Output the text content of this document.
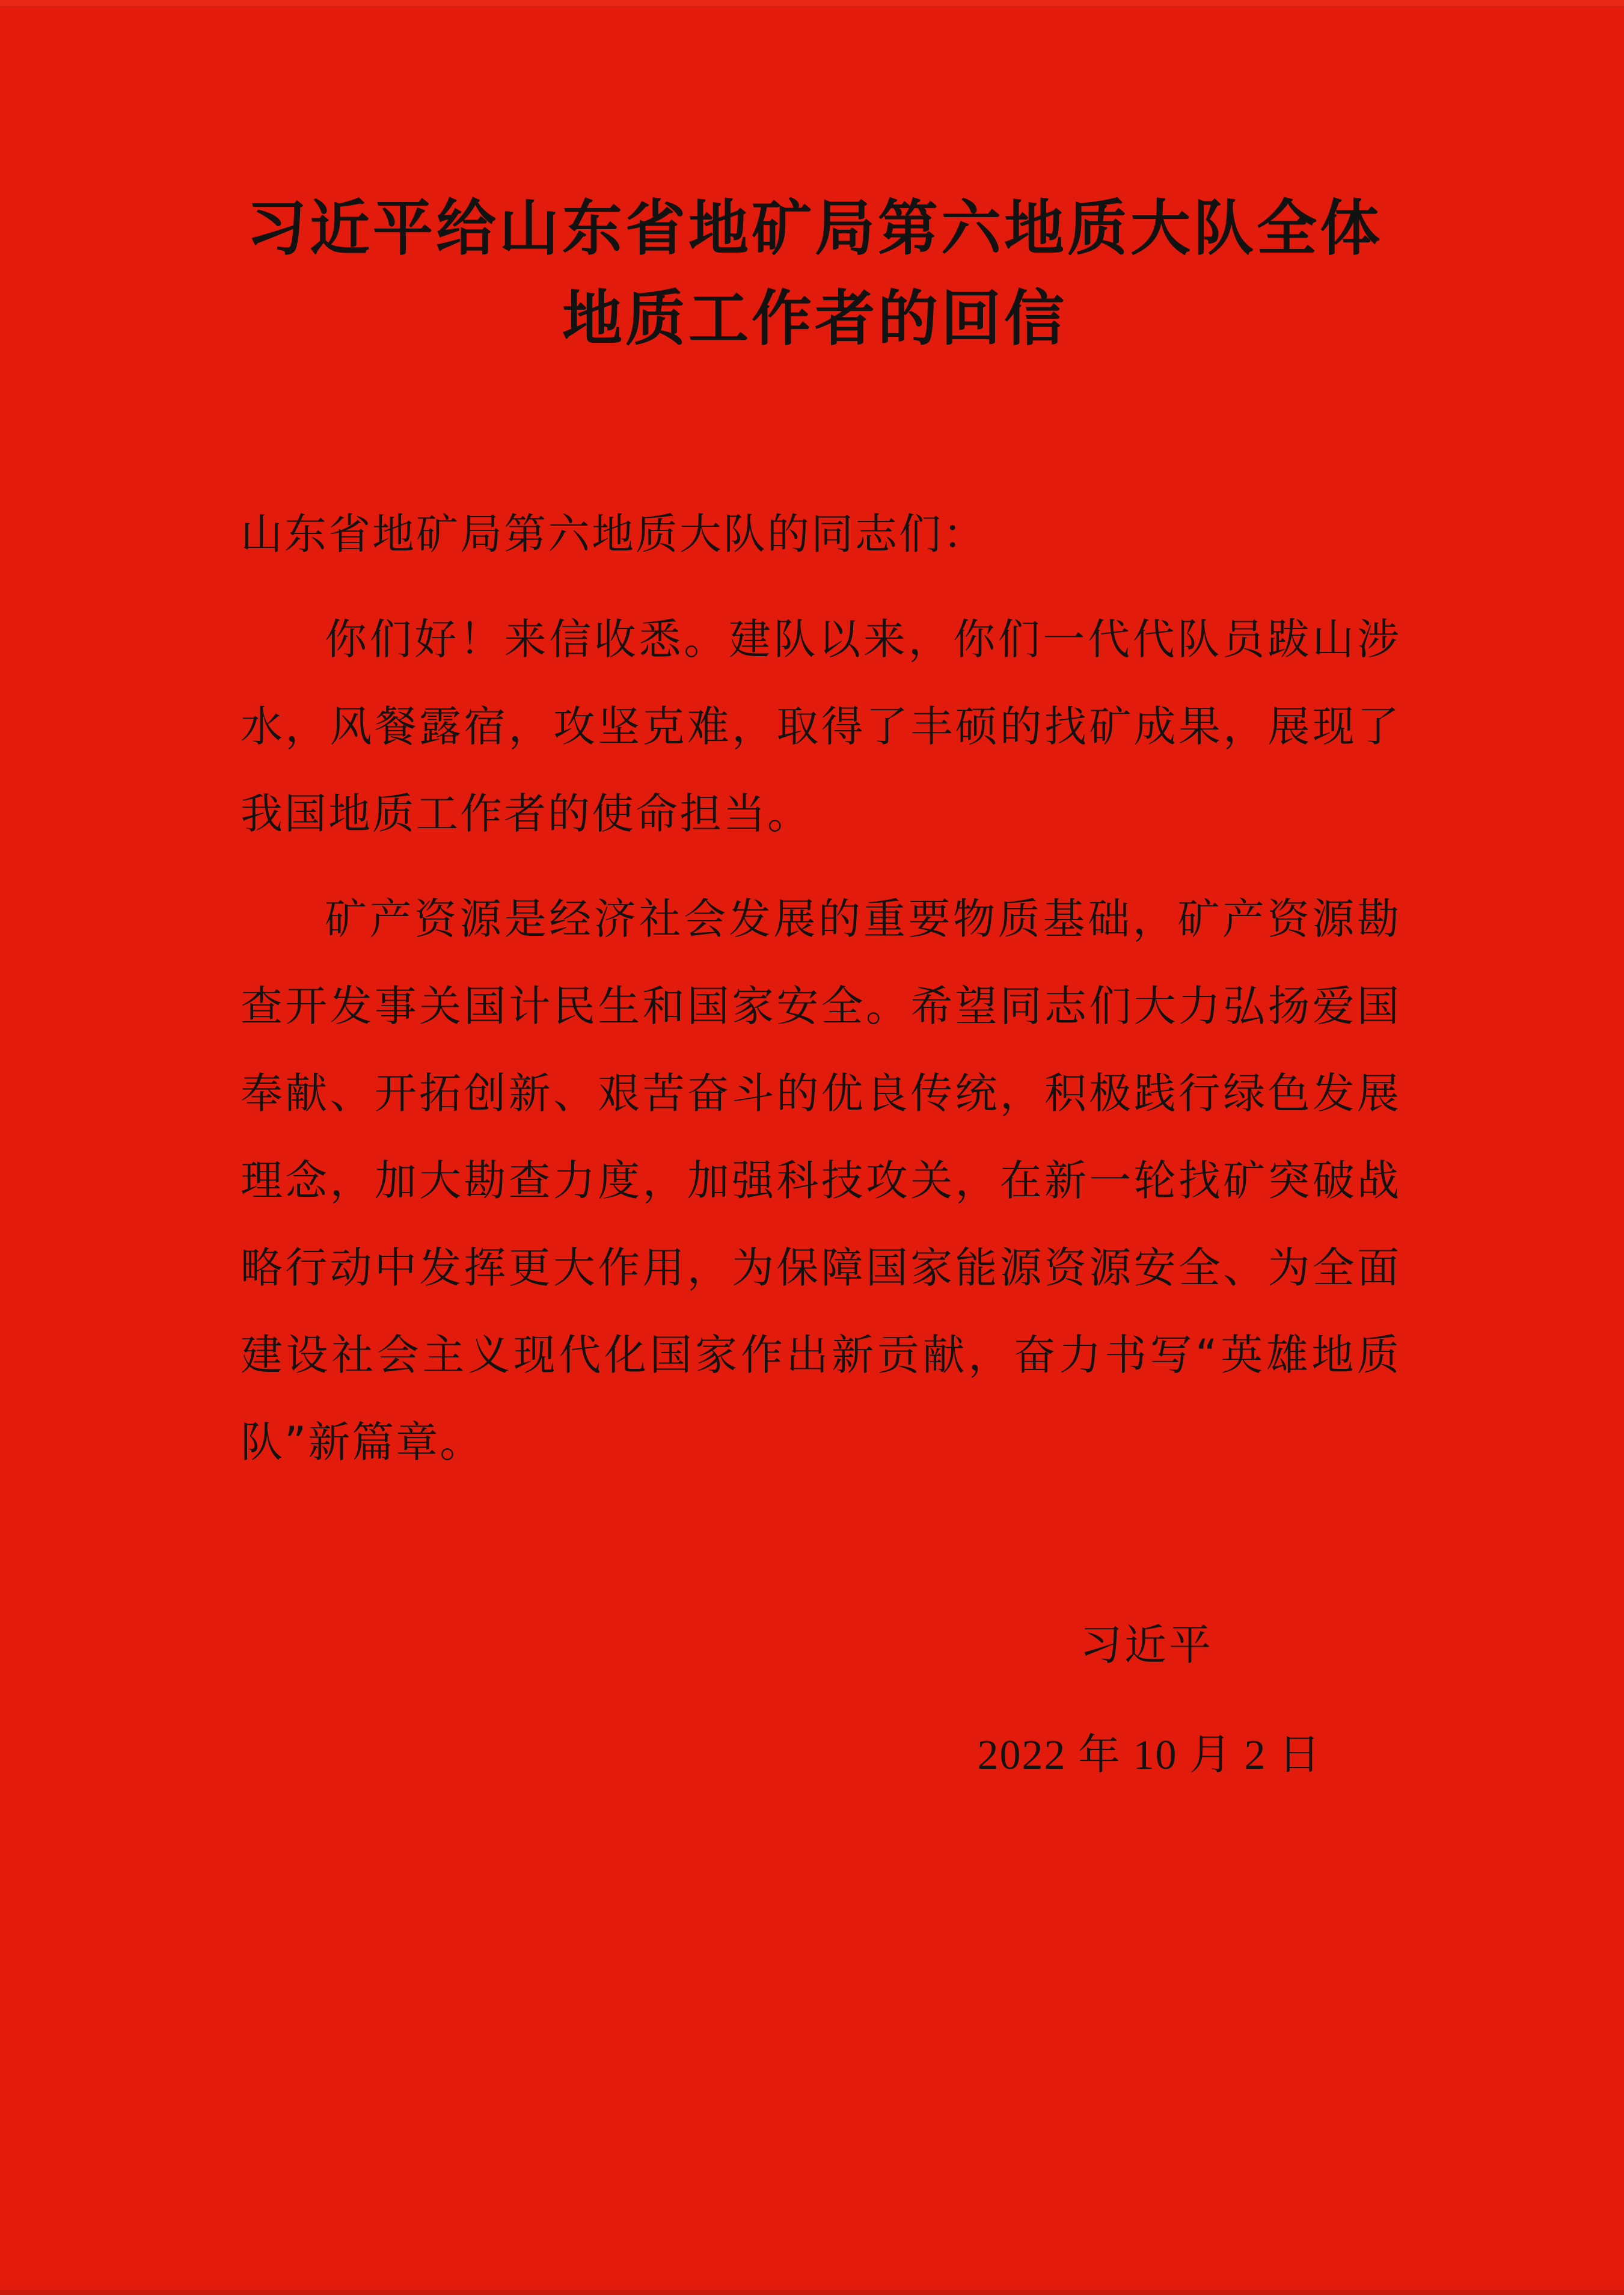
习近平给山东省地矿局第六地质大队全体
地质工作者的回信
山东省地矿局第六地质大队的同志们：

你们好！来信收悉。建队以来，你们一代代队员跋山涉水，风餐露宿，攻坚克难，取得了丰硕的找矿成果，展现了我国地质工作者的使命担当。

矿产资源是经济社会发展的重要物质基础，矿产资源勘查开发事关国计民生和国家安全。希望同志们大力弘扬爱国奉献、开拓创新、艰苦奋斗的优良传统，积极践行绿色发展理念，加大勘查力度，加强科技攻关，在新一轮找矿突破战略行动中发挥更大作用，为保障国家能源资源安全、为全面建设社会主义现代化国家作出新贡献，奋力书写“英雄地质队”新篇章。

习近平
2022 年 10 月 2 日
